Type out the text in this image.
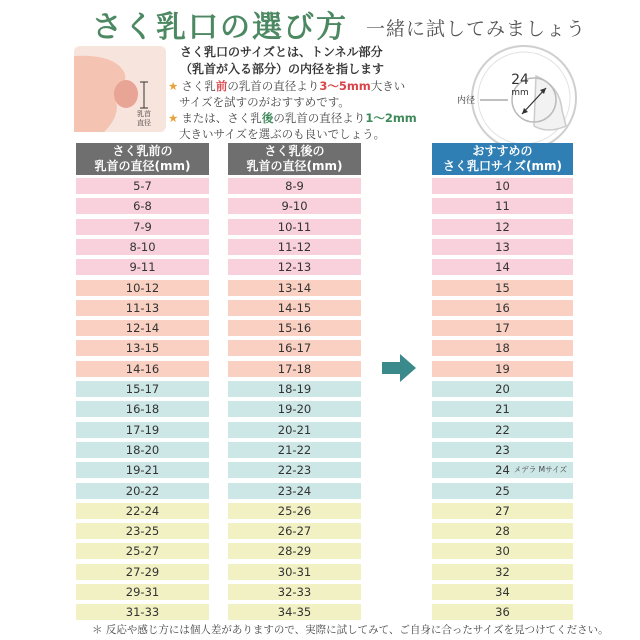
さく乳口の選び方 一緒に試してみましょう
乳首
直径
さく乳口のサイズとは、トンネル部分
（乳首が入る部分）の内径を指します
★ さく乳前の乳首の直径より3～5mm大きい
サイズを試すのがおすすめです。
★ または、さく乳後の乳首の直径より1～2mm
大きいサイズを選ぶのも良いでしょう。
24
mm
内径
さく乳前の
乳首の直径(mm)
さく乳後の
乳首の直径(mm)
おすすめの
さく乳口サイズ(mm)
5-7	8-9	10
6-8	9-10	11
7-9	10-11	12
8-10	11-12	13
9-11	12-13	14
10-12	13-14	15
11-13	14-15	16
12-14	15-16	17
13-15	16-17	18
14-16	17-18	19
15-17	18-19	20
16-18	19-20	21
17-19	20-21	22
18-20	21-22	23
19-21	22-23	24 メデラ Mサイズ
20-22	23-24	25
22-24	25-26	27
23-25	26-27	28
25-27	28-29	30
27-29	30-31	32
29-31	32-33	34
31-33	34-35	36
＊ 反応や感じ方には個人差がありますので、実際に試してみて、ご自身に合ったサイズを見つけてください。
